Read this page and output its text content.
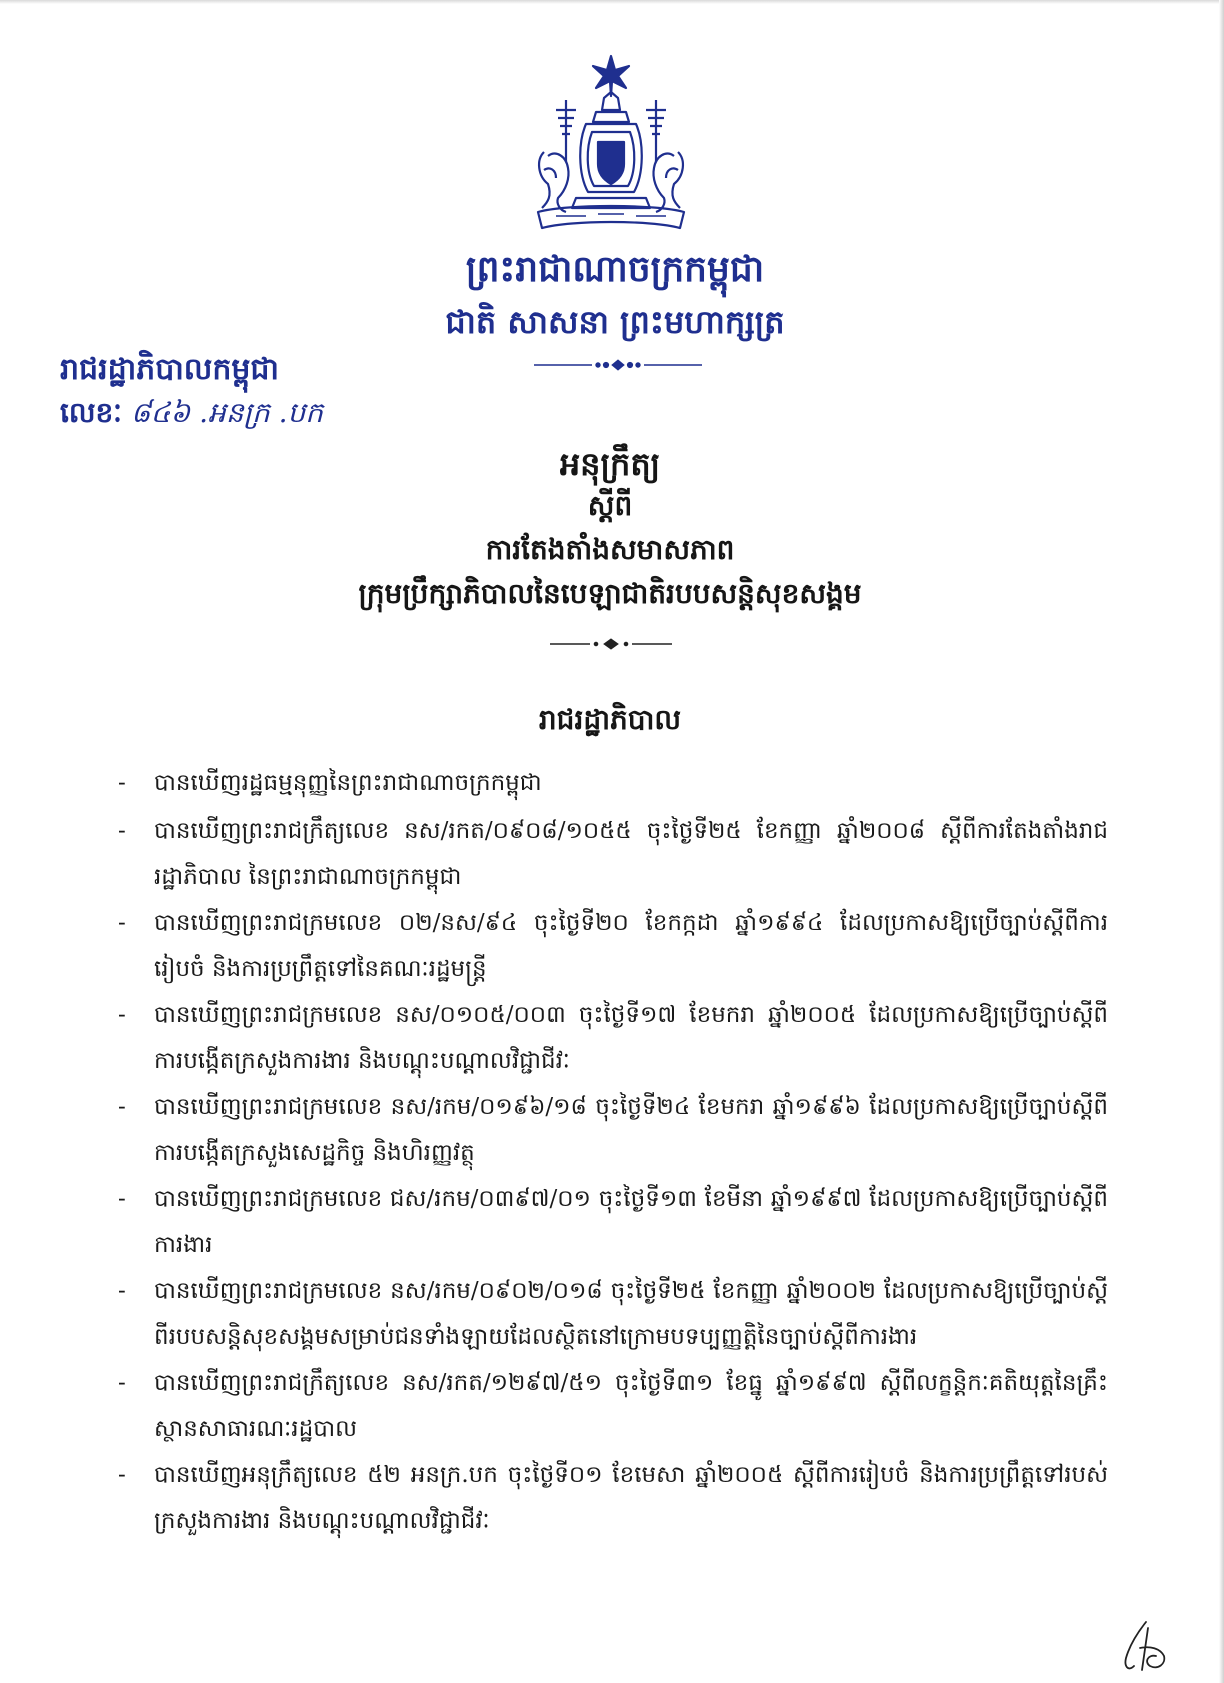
ព្រះរាជាណាចក្រកម្ពុជា
ជាតិ សាសនា ព្រះមហាក្សត្រ
រាជរដ្ឋាភិបាលកម្ពុជា
លេខៈ ៨៤៦ .អនក្រ .បក
អនុក្រឹត្យ
ស្តីពី
ការតែងតាំងសមាសភាព
ក្រុមប្រឹក្សាភិបាលនៃបេឡាជាតិរបបសន្តិសុខសង្គម
រាជរដ្ឋាភិបាល
- បានឃើញរដ្ឋធម្មនុញ្ញនៃព្រះរាជាណាចក្រកម្ពុជា
- បានឃើញព្រះរាជក្រឹត្យលេខ នស/រកត/០៩០៨/១០៥៥ ចុះថ្ងៃទី២៥ ខែកញ្ញា ឆ្នាំ២០០៨ ស្តីពីការតែងតាំងរាជរដ្ឋាភិបាល នៃព្រះរាជាណាចក្រកម្ពុជា
- បានឃើញព្រះរាជក្រមលេខ ០២/នស/៩៤ ចុះថ្ងៃទី២០ ខែកក្កដា ឆ្នាំ១៩៩៤ ដែលប្រកាសឱ្យប្រើច្បាប់ស្តីពីការរៀបចំ និងការប្រព្រឹត្តទៅនៃគណៈរដ្ឋមន្ត្រី
- បានឃើញព្រះរាជក្រមលេខ នស/០១០៥/០០៣ ចុះថ្ងៃទី១៧ ខែមករា ឆ្នាំ២០០៥ ដែលប្រកាសឱ្យប្រើច្បាប់ស្តីពីការបង្កើតក្រសួងការងារ និងបណ្តុះបណ្តាលវិជ្ជាជីវៈ
- បានឃើញព្រះរាជក្រមលេខ នស/រកម/០១៩៦/១៨ ចុះថ្ងៃទី២៤ ខែមករា ឆ្នាំ១៩៩៦ ដែលប្រកាសឱ្យប្រើច្បាប់ស្តីពីការបង្កើតក្រសួងសេដ្ឋកិច្ច និងហិរញ្ញវត្ថុ
- បានឃើញព្រះរាជក្រមលេខ ជស/រកម/០៣៩៧/០១ ចុះថ្ងៃទី១៣ ខែមីនា ឆ្នាំ១៩៩៧ ដែលប្រកាសឱ្យប្រើច្បាប់ស្តីពីការងារ
- បានឃើញព្រះរាជក្រមលេខ នស/រកម/០៩០២/០១៨ ចុះថ្ងៃទី២៥ ខែកញ្ញា ឆ្នាំ២០០២ ដែលប្រកាសឱ្យប្រើច្បាប់ស្តីពីរបបសន្តិសុខសង្គមសម្រាប់ជនទាំងឡាយដែលស្ថិតនៅក្រោមបទប្បញ្ញត្តិនៃច្បាប់ស្តីពីការងារ
- បានឃើញព្រះរាជក្រឹត្យលេខ នស/រកត/១២៩៧/៥១ ចុះថ្ងៃទី៣១ ខែធ្នូ ឆ្នាំ១៩៩៧ ស្តីពីលក្ខន្តិកៈគតិយុត្តនៃគ្រឹះស្ថានសាធារណៈរដ្ឋបាល
- បានឃើញអនុក្រឹត្យលេខ ៥២ អនក្រ.បក ចុះថ្ងៃទី០១ ខែមេសា ឆ្នាំ២០០៥ ស្តីពីការរៀបចំ និងការប្រព្រឹត្តទៅរបស់ក្រសួងការងារ និងបណ្តុះបណ្តាលវិជ្ជាជីវៈ
